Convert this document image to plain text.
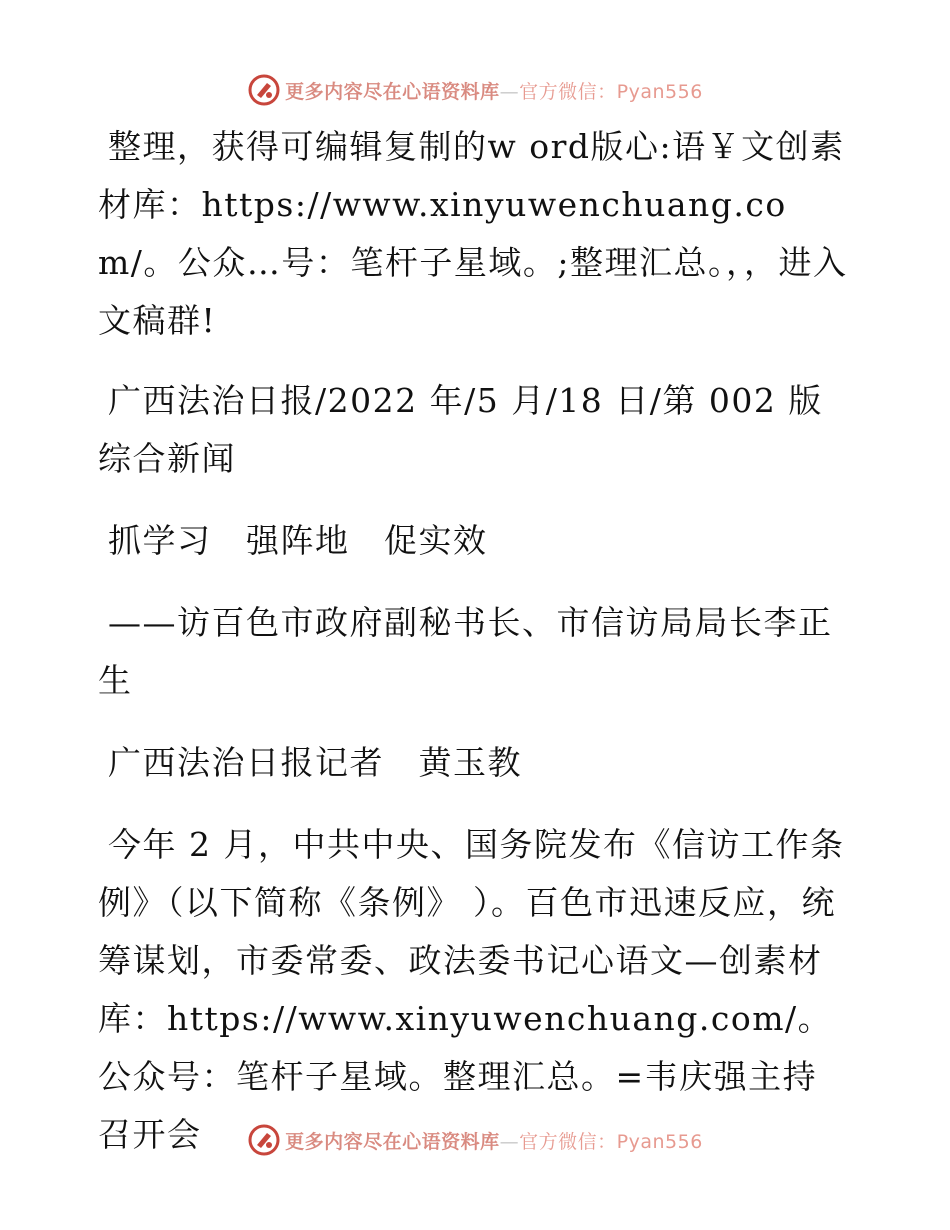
更多内容尽在心语资料库—官方微信：Pyan556

整理，获得可编辑复制的w ord版心:语￥文创素材库：https://www.xinyuwenchuang.com/。公众…号：笔杆子星域。;整理汇总。，，进入文稿群!

广西法治日报/2022 年/5 月/18 日/第 002 版综合新闻

抓学习　强阵地　促实效

——访百色市政府副秘书长、市信访局局长李正生

广西法治日报记者　黄玉教

今年 2 月，中共中央、国务院发布《信访工作条例》（以下简称《条例》 ）。百色市迅速反应，统筹谋划，市委常委、政法委书记心语文—创素材库：https://www.xinyuwenchuang.com/。公众号：笔杆子星域。整理汇总。=韦庆强主持召开会	更多内容尽在心语资料库—官方微信：Pyan556
